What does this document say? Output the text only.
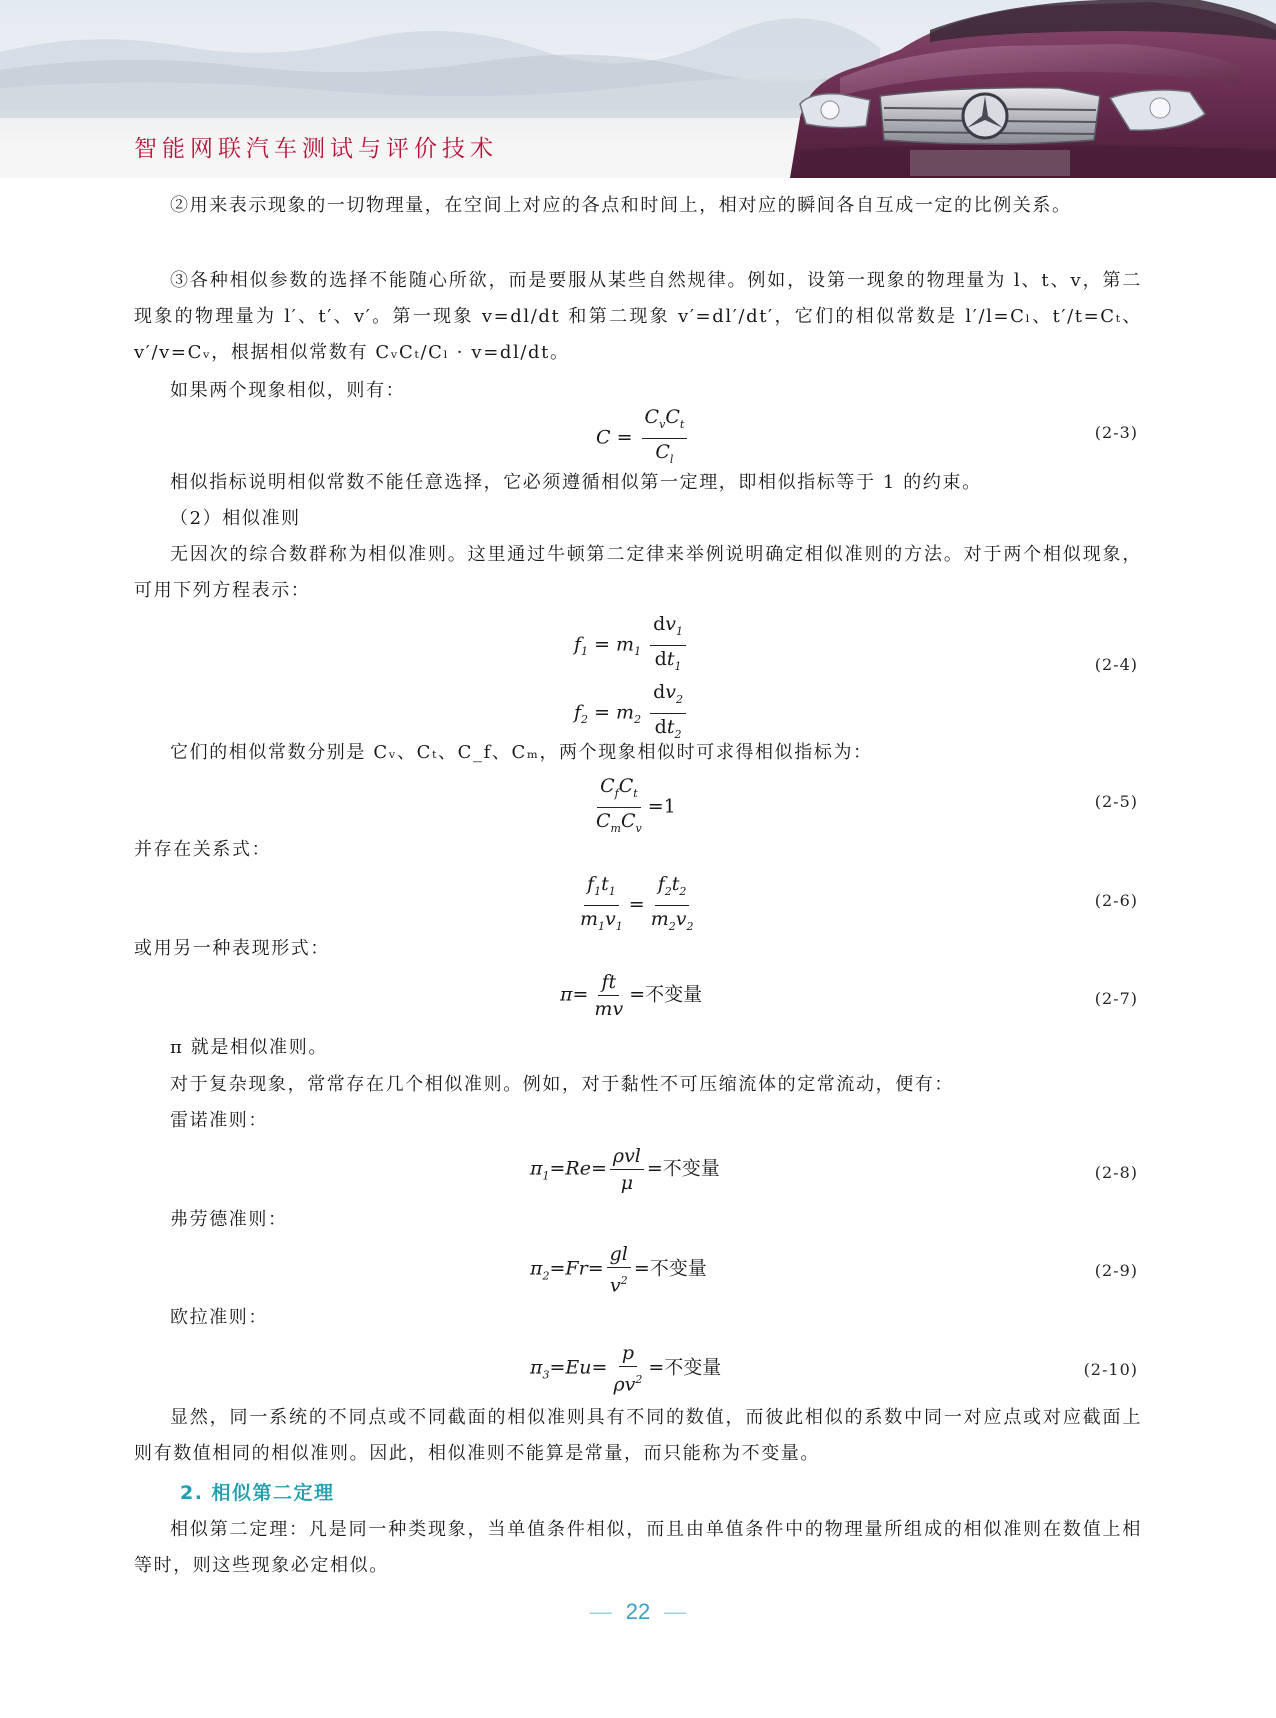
智能网联汽车测试与评价技术

②用来表示现象的一切物理量，在空间上对应的各点和时间上，相对应的瞬间各自互成一定的比例关系。

③各种相似参数的选择不能随心所欲，而是要服从某些自然规律。例如，设第一现象的物理量为 l、t、v，第二现象的物理量为 l′、t′、v′。第一现象 v=dl/dt 和第二现象 v′=dl′/dt′，它们的相似常数是 l′/l=Cₗ、t′/t=Cₜ、v′/v=Cᵥ，根据相似常数有 CᵥCₜ/Cₗ · v=dl/dt。

如果两个现象相似，则有：

$C = \frac{C_vC_t}{C_l}$	(2-3)

相似指标说明相似常数不能任意选择，它必须遵循相似第一定理，即相似指标等于 1 的约束。

（2）相似准则

无因次的综合数群称为相似准则。这里通过牛顿第二定律来举例说明确定相似准则的方法。对于两个相似现象，可用下列方程表示：

$f_1 = m_1 \frac{dv_1}{dt_1}$
$f_2 = m_2 \frac{dv_2}{dt_2}$
(2-4)

它们的相似常数分别是 Cᵥ、Cₜ、C_f、Cₘ，两个现象相似时可求得相似指标为：

$\frac{C_fC_t}{C_mC_v} =1$	(2-5)

并存在关系式：

$\frac{f_1t_1}{m_1v_1} = \frac{f_2t_2}{m_2v_2}$	(2-6)

或用另一种表现形式：

$\pi= \frac{ft}{mv}$ =不变量	(2-7)

π 就是相似准则。

对于复杂现象，常常存在几个相似准则。例如，对于黏性不可压缩流体的定常流动，便有：

雷诺准则：

$\pi_1=Re= \frac{\text{ρvl}}{\mu}$ =不变量	(2-8)

弗劳德准则：

$\pi_2=Fr= \frac{gl}{v^2}$ =不变量	(2-9)

欧拉准则：

$\pi_3=Eu= \frac{p}{\rho v^2}$ =不变量	(2-10)

显然，同一系统的不同点或不同截面的相似准则具有不同的数值，而彼此相似的系数中同一对应点或对应截面上则有数值相同的相似准则。因此，相似准则不能算是常量，而只能称为不变量。

2. 相似第二定理

相似第二定理：凡是同一种类现象，当单值条件相似，而且由单值条件中的物理量所组成的相似准则在数值上相等时，则这些现象必定相似。

— 22 —
